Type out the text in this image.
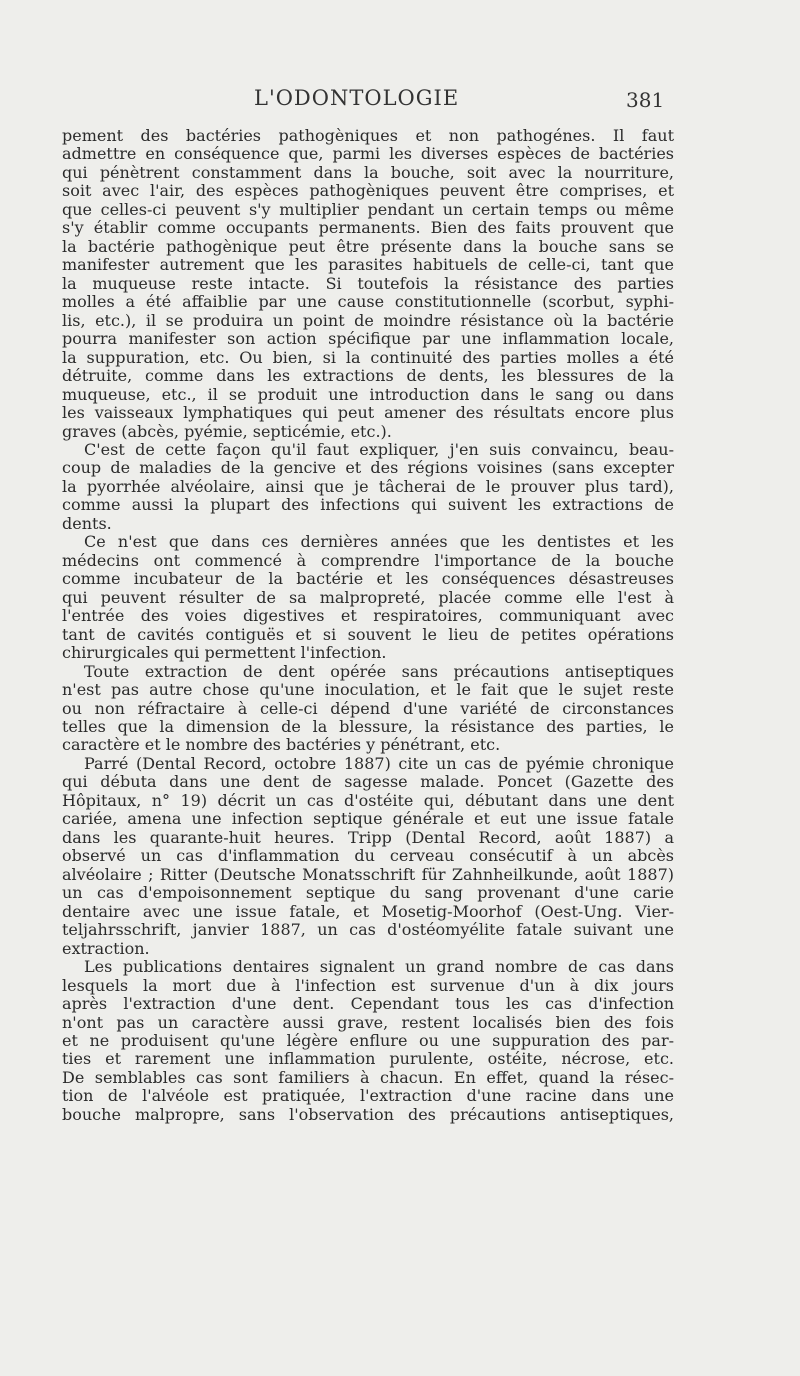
L'ODONTOLOGIE	381
pement des bactéries pathogèniques et non pathogénes. Il faut
admettre en conséquence que, parmi les diverses espèces de bactéries
qui pénètrent constamment dans la bouche, soit avec la nourriture,
soit avec l'air, des espèces pathogèniques peuvent être comprises, et
que celles-ci peuvent s'y multiplier pendant un certain temps ou même
s'y établir comme occupants permanents. Bien des faits prouvent que
la bactérie pathogènique peut être présente dans la bouche sans se
manifester autrement que les parasites habituels de celle-ci, tant que
la muqueuse reste intacte. Si toutefois la résistance des parties
molles a été affaiblie par une cause constitutionnelle (scorbut, syphi-
lis, etc.), il se produira un point de moindre résistance où la bactérie
pourra manifester son action spécifique par une inflammation locale,
la suppuration, etc. Ou bien, si la continuité des parties molles a été
détruite, comme dans les extractions de dents, les blessures de la
muqueuse, etc., il se produit une introduction dans le sang ou dans
les vaisseaux lymphatiques qui peut amener des résultats encore plus
graves (abcès, pyémie, septicémie, etc.).
C'est de cette façon qu'il faut expliquer, j'en suis convaincu, beau-
coup de maladies de la gencive et des régions voisines (sans excepter
la pyorrhée alvéolaire, ainsi que je tâcherai de le prouver plus tard),
comme aussi la plupart des infections qui suivent les extractions de
dents.
Ce n'est que dans ces dernières années que les dentistes et les
médecins ont commencé à comprendre l'importance de la bouche
comme incubateur de la bactérie et les conséquences désastreuses
qui peuvent résulter de sa malpropreté, placée comme elle l'est à
l'entrée des voies digestives et respiratoires, communiquant avec
tant de cavités contiguës et si souvent le lieu de petites opérations
chirurgicales qui permettent l'infection.
Toute extraction de dent opérée sans précautions antiseptiques
n'est pas autre chose qu'une inoculation, et le fait que le sujet reste
ou non réfractaire à celle-ci dépend d'une variété de circonstances
telles que la dimension de la blessure, la résistance des parties, le
caractère et le nombre des bactéries y pénétrant, etc.
Parré (Dental Record, octobre 1887) cite un cas de pyémie chronique
qui débuta dans une dent de sagesse malade. Poncet (Gazette des
Hôpitaux, n° 19) décrit un cas d'ostéite qui, débutant dans une dent
cariée, amena une infection septique générale et eut une issue fatale
dans les quarante-huit heures. Tripp (Dental Record, août 1887) a
observé un cas d'inflammation du cerveau consécutif à un abcès
alvéolaire ; Ritter (Deutsche Monatsschrift für Zahnheilkunde, août 1887)
un cas d'empoisonnement septique du sang provenant d'une carie
dentaire avec une issue fatale, et Mosetig-Moorhof (Oest-Ung. Vier-
teljahrsschrift, janvier 1887, un cas d'ostéomyélite fatale suivant une
extraction.
Les publications dentaires signalent un grand nombre de cas dans
lesquels la mort due à l'infection est survenue d'un à dix jours
après l'extraction d'une dent. Cependant tous les cas d'infection
n'ont pas un caractère aussi grave, restent localisés bien des fois
et ne produisent qu'une légère enflure ou une suppuration des par-
ties et rarement une inflammation purulente, ostéite, nécrose, etc.
De semblables cas sont familiers à chacun. En effet, quand la résec-
tion de l'alvéole est pratiquée, l'extraction d'une racine dans une
bouche malpropre, sans l'observation des précautions antiseptiques,
